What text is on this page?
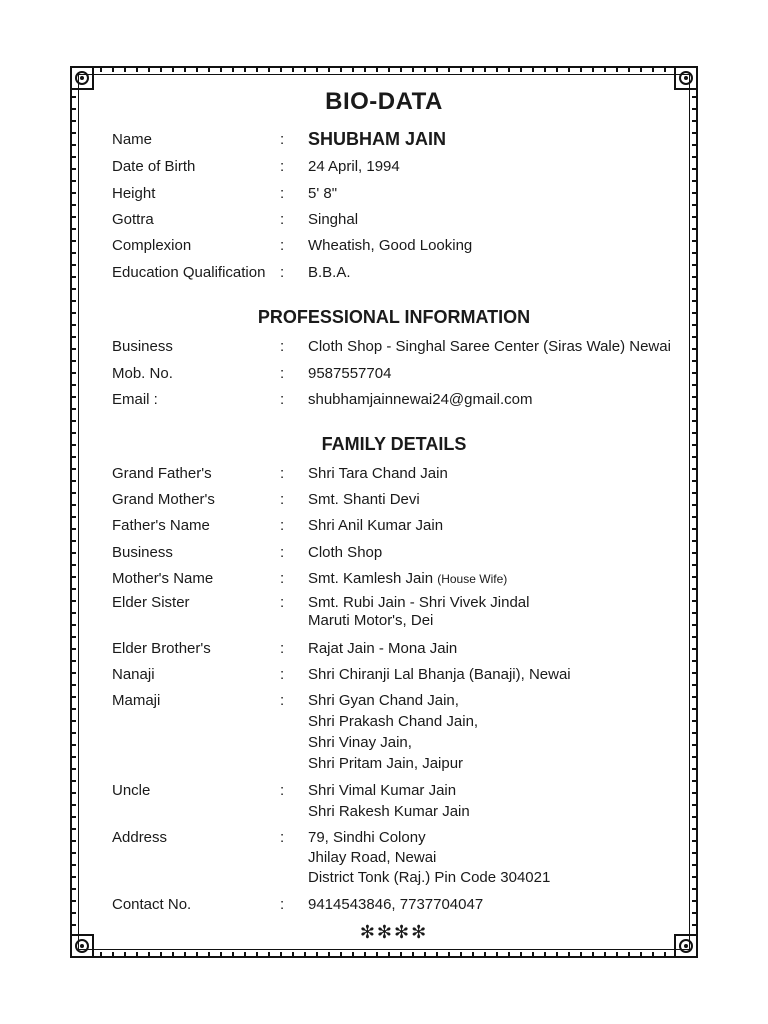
BIO-DATA
Name	: SHUBHAM JAIN
Date of Birth	: 24 April, 1994
Height	: 5' 8"
Gottra	: Singhal
Complexion	: Wheatish, Good Looking
Education Qualification : B.B.A.
PROFESSIONAL INFORMATION
Business	: Cloth Shop - Singhal Saree Center (Siras Wale) Newai
Mob. No.	: 9587557704
Email :	: shubhamjainnewai24@gmail.com
FAMILY DETAILS
Grand Father's	: Shri Tara Chand Jain
Grand Mother's	: Smt. Shanti Devi
Father's Name	: Shri Anil Kumar Jain
Business	: Cloth Shop
Mother's Name	: Smt. Kamlesh Jain (House Wife)
Elder Sister	: Smt. Rubi Jain - Shri Vivek Jindal
Maruti Motor's, Dei
Elder Brother's	: Rajat Jain - Mona Jain
Nanaji	: Shri Chiranji Lal Bhanja (Banaji), Newai
Mamaji	: Shri Gyan Chand Jain,
Shri Prakash Chand Jain,
Shri Vinay Jain,
Shri Pritam Jain, Jaipur
Uncle	: Shri Vimal Kumar Jain
Shri Rakesh Kumar Jain
Address	: 79, Sindhi Colony
Jhilay Road, Newai
District Tonk (Raj.) Pin Code 304021
Contact No.	: 9414543846, 7737704047
✻✻✻✻
